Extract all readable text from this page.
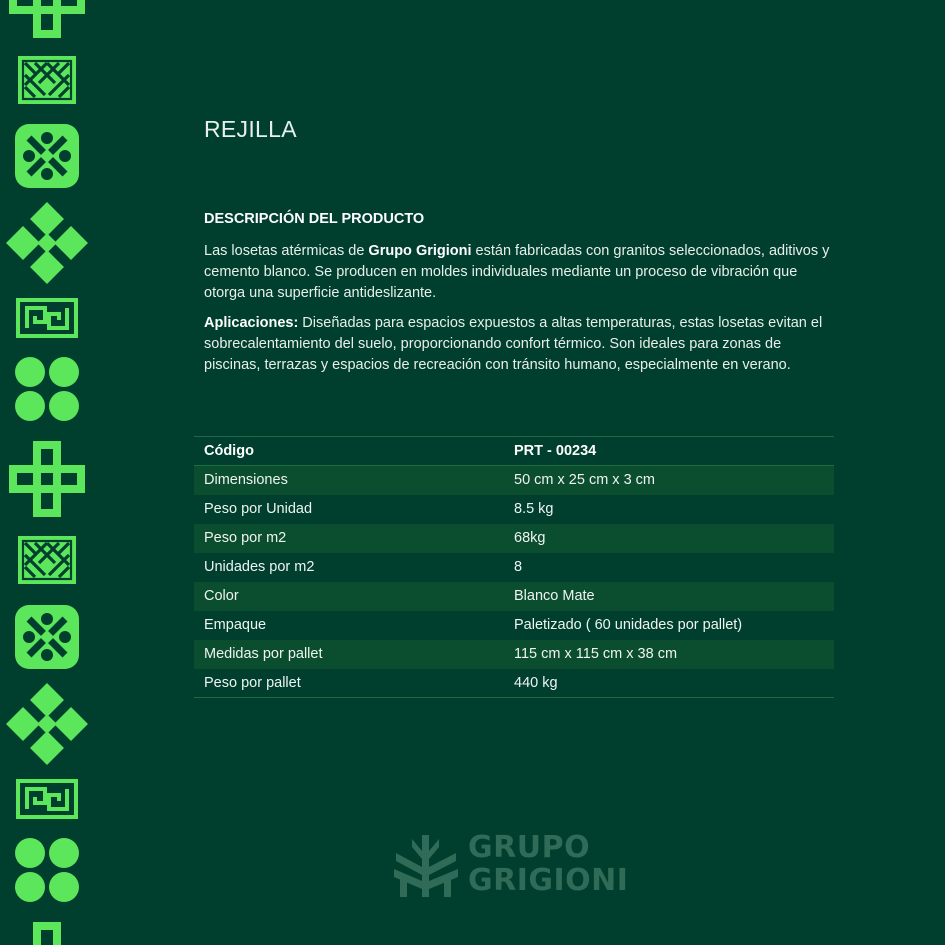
REJILLA
DESCRIPCIÓN DEL PRODUCTO

Las losetas atérmicas de Grupo Grigioni están fabricadas con granitos seleccionados, aditivos y cemento blanco. Se producen en moldes individuales mediante un proceso de vibración que otorga una superficie antideslizante.

Aplicaciones: Diseñadas para espacios expuestos a altas temperaturas, estas losetas evitan el sobrecalentamiento del suelo, proporcionando confort térmico. Son ideales para zonas de piscinas, terrazas y espacios de recreación con tránsito humano, especialmente en verano.

Código	PRT - 00234
Dimensiones	50 cm x 25 cm x 3 cm
Peso por Unidad	8.5 kg
Peso por m2	68kg
Unidades por m2	8
Color	Blanco Mate
Empaque	Paletizado ( 60 unidades por pallet)
Medidas por pallet	115 cm x 115 cm x 38 cm
Peso por pallet	440 kg
GRUPO
GRIGIONI
